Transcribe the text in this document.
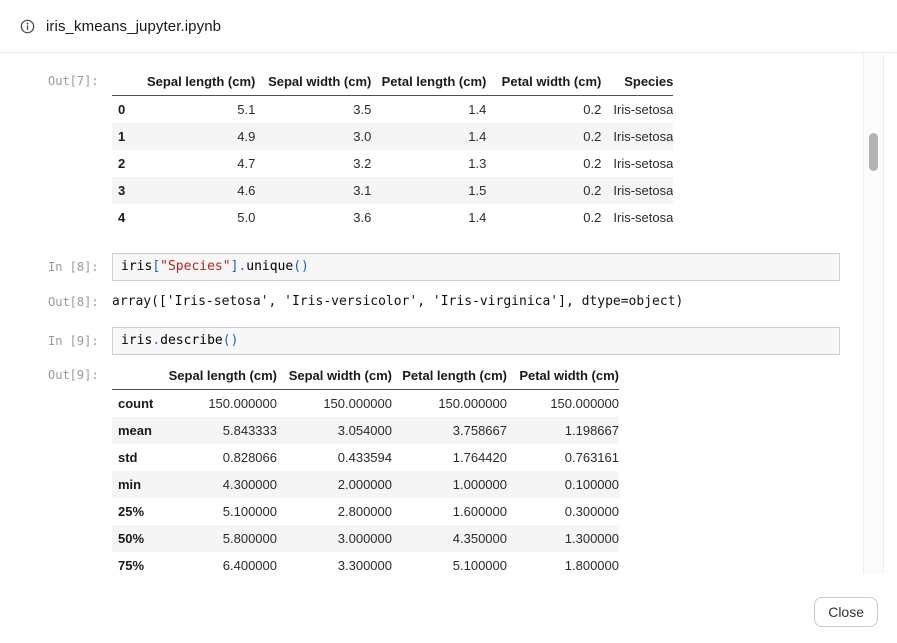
iris_kmeans_jupyter.ipynb
Out[7]:
		Sepal length (cm)	Sepal width (cm)	Petal length (cm)	Petal width (cm)	Species
0	5.1	3.5	1.4	0.2	Iris-setosa
1	4.9	3.0	1.4	0.2	Iris-setosa
2	4.7	3.2	1.3	0.2	Iris-setosa
3	4.6	3.1	1.5	0.2	Iris-setosa
4	5.0	3.6	1.4	0.2	Iris-setosa
In [8]:	iris["Species"].unique()
Out[8]:	array(['Iris-setosa', 'Iris-versicolor', 'Iris-virginica'], dtype=object)
In [9]:	iris.describe()
Out[9]:
		Sepal length (cm)	Sepal width (cm)	Petal length (cm)	Petal width (cm)
count	150.000000	150.000000	150.000000	150.000000
mean	5.843333	3.054000	3.758667	1.198667
std	0.828066	0.433594	1.764420	0.763161
min	4.300000	2.000000	1.000000	0.100000
25%	5.100000	2.800000	1.600000	0.300000
50%	5.800000	3.000000	4.350000	1.300000
75%	6.400000	3.300000	5.100000	1.800000
Close
